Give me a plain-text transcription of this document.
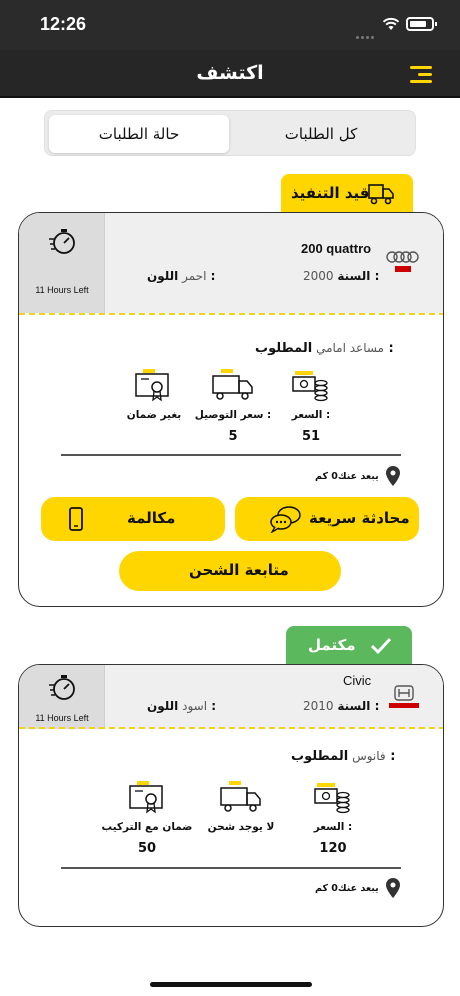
12:26
اكتشف
حالة الطلبات	كل الطلبات
قيد التنفيذ
11 Hours Left
200 quattro
2000 السنة :
احمر اللون :
مساعد امامي المطلوب :
السعر :
سعر التوصيل :
بغير ضمان
51
5
يبعد عنك0 كم
محادثة سريعة
مكالمة
متابعة الشحن
مكتمل
11 Hours Left
Civic
2010 السنة :
اسود اللون :
فانوس المطلوب :
السعر :
لا يوجد شحن
ضمان مع التركيب
120
50
يبعد عنك0 كم
